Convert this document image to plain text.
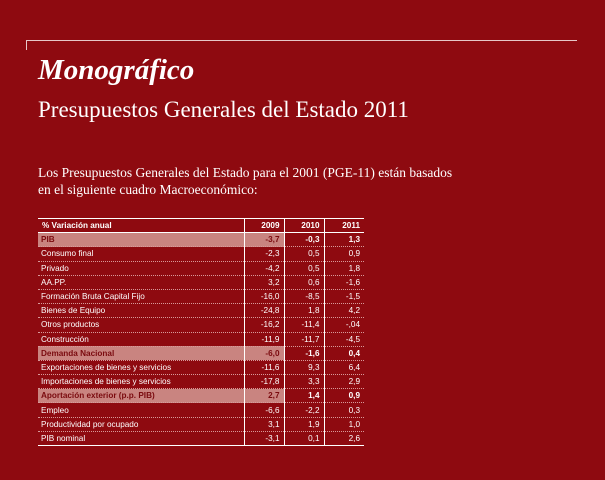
Monográfico
Presupuestos Generales del Estado 2011

Los Presupuestos Generales del Estado para el 2001 (PGE-11) están basados
en el siguiente cuadro Macroeconómico:

% Variación anual	2009	2010	2011
PIB	-3,7	-0,3	1,3
Consumo final	-2,3	0,5	0,9
Privado	-4,2	0,5	1,8
AA.PP.	3,2	0,6	-1,6
Formación Bruta Capital Fijo	-16,0	-8,5	-1,5
Bienes de Equipo	-24,8	1,8	4,2
Otros productos	-16,2	-11,4	-,04
Construcción	-11,9	-11,7	-4,5
Demanda Nacional	-6,0	-1,6	0,4
Exportaciones de bienes y servicios	-11,6	9,3	6,4
Importaciones de bienes y servicios	-17,8	3,3	2,9
Aportación exterior (p.p. PIB)	2,7	1,4	0,9
Empleo	-6,6	-2,2	0,3
Productividad por ocupado	3,1	1,9	1,0
PIB nominal	-3,1	0,1	2,6
